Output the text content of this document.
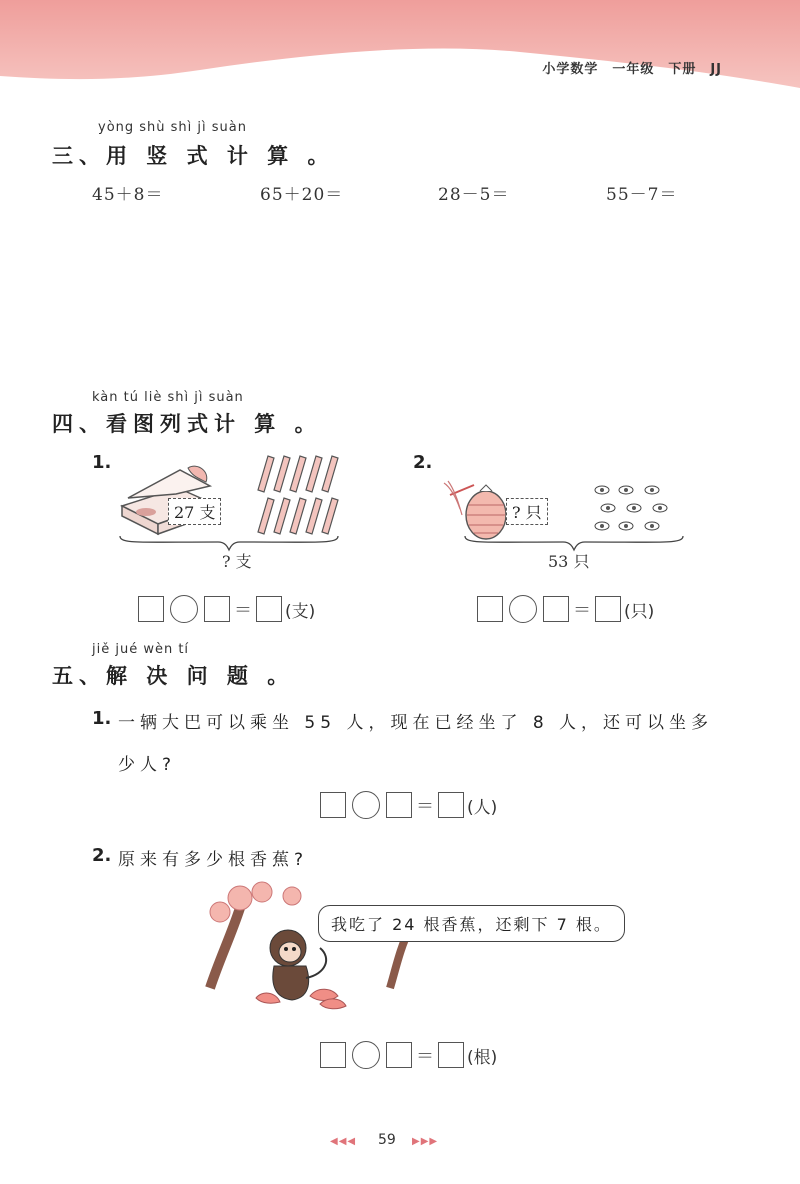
小学数学　一年级　下册　JJ
yòng shù shì jì suàn
三、用 竖 式 计 算 。
45＋8＝	65＋20＝	28－5＝	55－7＝
kàn tú liè shì jì suàn
四、看图列式计 算 。
1.
27 支
? 支
＝ (支)
2.
? 只
53 只
＝ (只)
jiě jué wèn tí
五、解 决 问 题 。
1. 一辆大巴可以乘坐 55 人，现在已经坐了 8 人，还可以坐多
少人?
＝ (人)
2. 原来有多少根香蕉?
我吃了 24 根香蕉，还剩下 7 根。
＝ (根)
◀◀◀ 59 ▶▶▶
